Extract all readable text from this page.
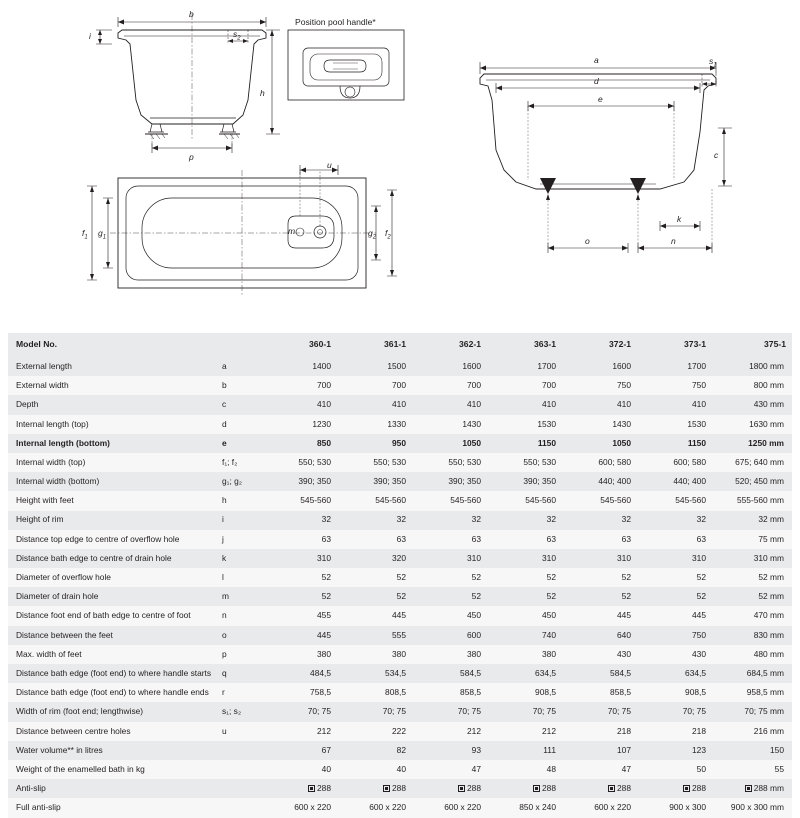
b
$s_2$
i
h
p
Position pool handle*
u
m
$f_1$ $g_1$	$g_2$ $f_2$
a
d
e
$s_1$
c
k
n
o
Model No.		360-1	361-1	362-1	363-1	372-1	373-1	375-1
External length	a	1400	1500	1600	1700	1600	1700	1800 mm
External width	b	700	700	700	700	750	750	800 mm
Depth	c	410	410	410	410	410	410	430 mm
Internal length (top)	d	1230	1330	1430	1530	1430	1530	1630 mm
Internal length (bottom)	e	850	950	1050	1150	1050	1150	1250 mm
Internal width (top)	f₁; f₂	550; 530	550; 530	550; 530	550; 530	600; 580	600; 580	675; 640 mm
Internal width (bottom)	g₁; g₂	390; 350	390; 350	390; 350	390; 350	440; 400	440; 400	520; 450 mm
Height with feet	h	545-560	545-560	545-560	545-560	545-560	545-560	555-560 mm
Height of rim	i	32	32	32	32	32	32	32 mm
Distance top edge to centre of overflow hole	j	63	63	63	63	63	63	75 mm
Distance bath edge to centre of drain hole	k	310	320	310	310	310	310	310 mm
Diameter of overflow hole	l	52	52	52	52	52	52	52 mm
Diameter of drain hole	m	52	52	52	52	52	52	52 mm
Distance foot end of bath edge to centre of foot	n	455	445	450	450	445	445	470 mm
Distance between the feet	o	445	555	600	740	640	750	830 mm
Max. width of feet	p	380	380	380	380	430	430	480 mm
Distance bath edge (foot end) to where handle starts	q	484,5	534,5	584,5	634,5	584,5	634,5	684,5 mm
Distance bath edge (foot end) to where handle ends	r	758,5	808,5	858,5	908,5	858,5	908,5	958,5 mm
Width of rim (foot end; lengthwise)	s₁; s₂	70; 75	70; 75	70; 75	70; 75	70; 75	70; 75	70; 75 mm
Distance between centre holes	u	212	222	212	212	218	218	216 mm
Water volume** in litres		67	82	93	111	107	123	150
Weight of the enamelled bath in kg		40	40	47	48	47	50	55
Anti-slip		288	288	288	288	288	288	288 mm
Full anti-slip		600 x 220	600 x 220	600 x 220	850 x 240	600 x 220	900 x 300	900 x 300 mm
